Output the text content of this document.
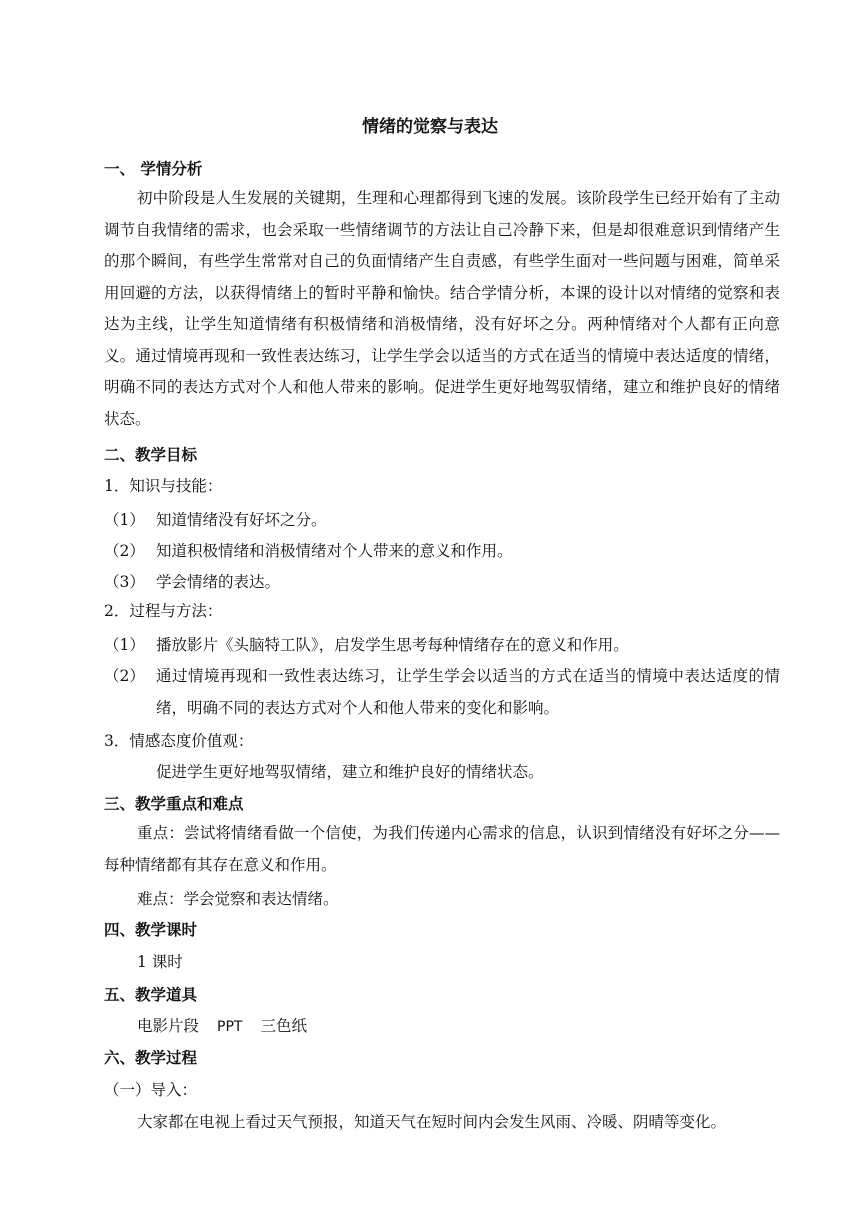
情绪的觉察与表达
一、 学情分析
初中阶段是人生发展的关键期，生理和心理都得到飞速的发展。该阶段学生已经开始有了主动调节自我情绪的需求，也会采取一些情绪调节的方法让自己冷静下来，但是却很难意识到情绪产生的那个瞬间，有些学生常常对自己的负面情绪产生自责感，有些学生面对一些问题与困难，简单采用回避的方法，以获得情绪上的暂时平静和愉快。结合学情分析，本课的设计以对情绪的觉察和表达为主线，让学生知道情绪有积极情绪和消极情绪，没有好坏之分。两种情绪对个人都有正向意义。通过情境再现和一致性表达练习，让学生学会以适当的方式在适当的情境中表达适度的情绪，明确不同的表达方式对个人和他人带来的影响。促进学生更好地驾驭情绪，建立和维护良好的情绪状态。
二、教学目标
1．知识与技能：
（1） 知道情绪没有好坏之分。
（2） 知道积极情绪和消极情绪对个人带来的意义和作用。
（3） 学会情绪的表达。
2．过程与方法：
（1） 播放影片《头脑特工队》，启发学生思考每种情绪存在的意义和作用。
（2） 通过情境再现和一致性表达练习，让学生学会以适当的方式在适当的情境中表达适度的情绪，明确不同的表达方式对个人和他人带来的变化和影响。
3．情感态度价值观：
促进学生更好地驾驭情绪，建立和维护良好的情绪状态。
三、教学重点和难点
重点：尝试将情绪看做一个信使，为我们传递内心需求的信息，认识到情绪没有好坏之分——每种情绪都有其存在意义和作用。
难点：学会觉察和表达情绪。
四、教学课时
1 课时
五、教学道具
电影片段 PPT 三色纸
六、教学过程
（一）导入：
大家都在电视上看过天气预报，知道天气在短时间内会发生风雨、冷暖、阴晴等变化。
